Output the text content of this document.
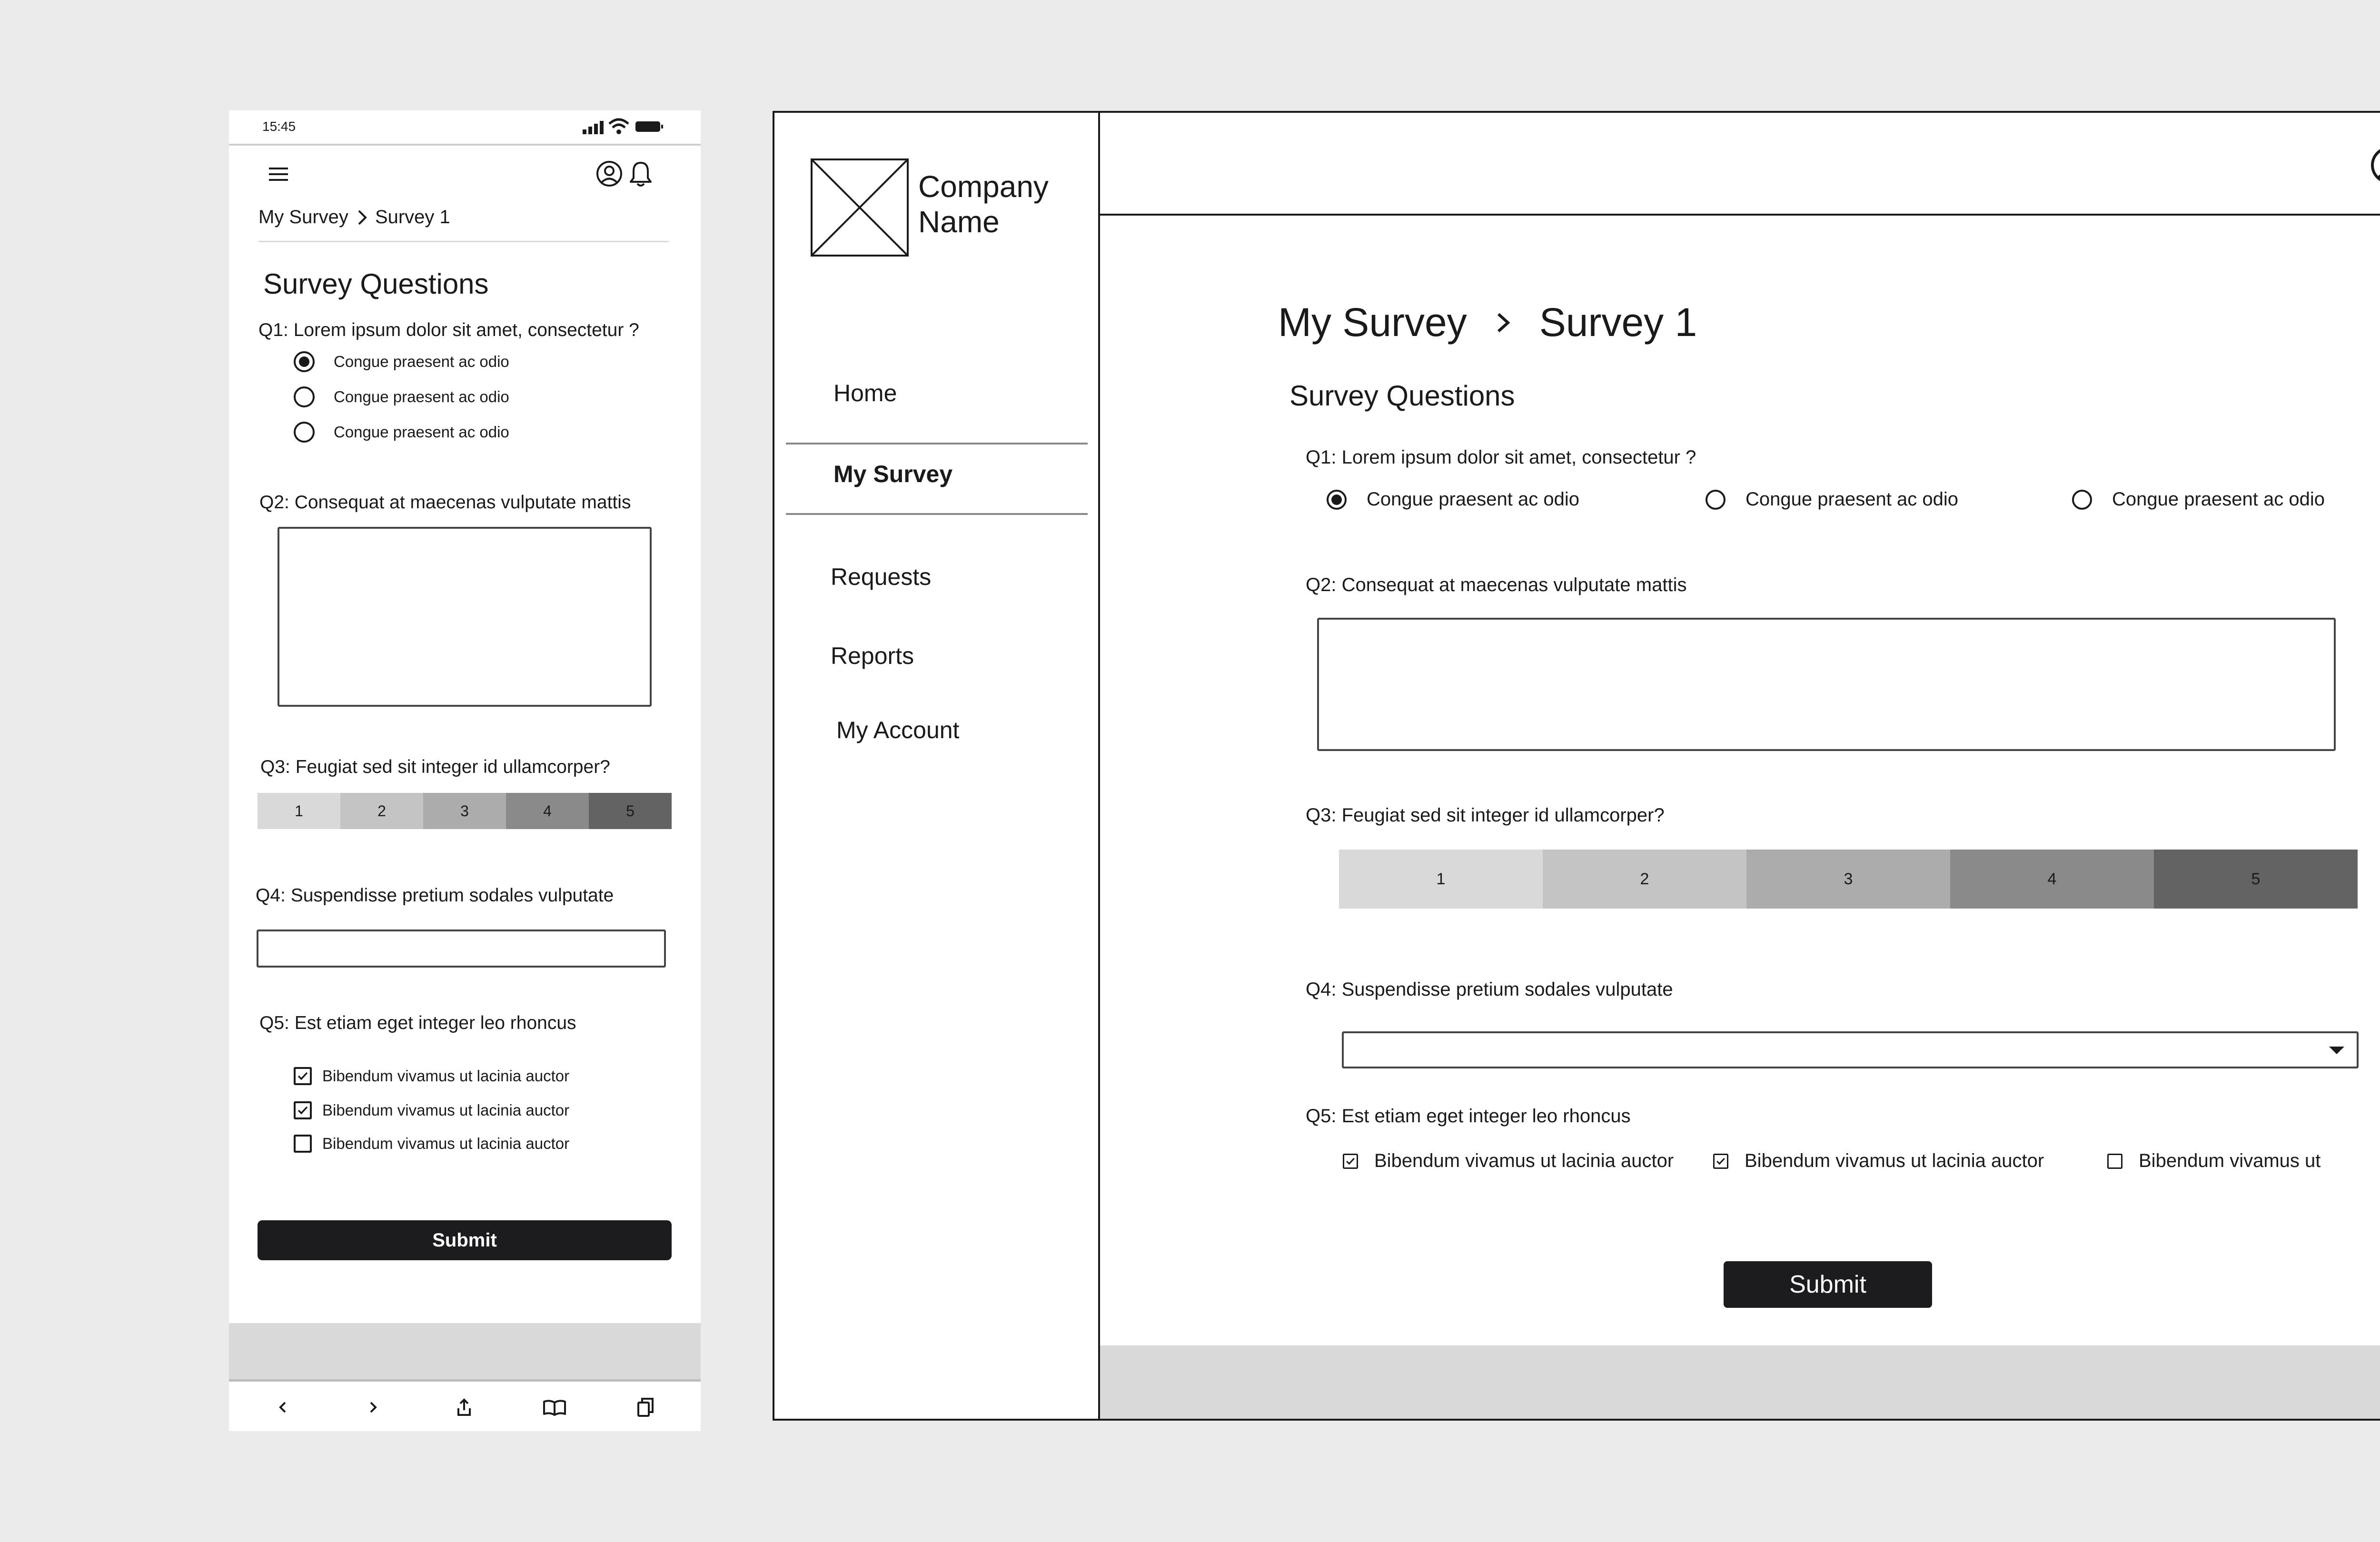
15:45
My Survey Survey 1
Survey Questions
Q1: Lorem ipsum dolor sit amet, consectetur ?
Congue praesent ac odio
Congue praesent ac odio
Congue praesent ac odio
Q2: Consequat at maecenas vulputate mattis
Q3: Feugiat sed sit integer id ullamcorper?
1	2	3	4	5
Q4: Suspendisse pretium sodales vulputate
Q5: Est etiam eget integer leo rhoncus
Bibendum vivamus ut lacinia auctor
Bibendum vivamus ut lacinia auctor
Bibendum vivamus ut lacinia auctor
Submit
Company
Name
Home
My Survey
Requests
Reports
My Account
My Survey Survey 1
Survey Questions
Q1: Lorem ipsum dolor sit amet, consectetur ?
Congue praesent ac odio	Congue praesent ac odio	Congue praesent ac odio
Q2: Consequat at maecenas vulputate mattis
Q3: Feugiat sed sit integer id ullamcorper?
1	2	3	4	5
Q4: Suspendisse pretium sodales vulputate
Q5: Est etiam eget integer leo rhoncus
Bibendum vivamus ut lacinia auctor	Bibendum vivamus ut lacinia auctor	Bibendum vivamus ut
Submit
